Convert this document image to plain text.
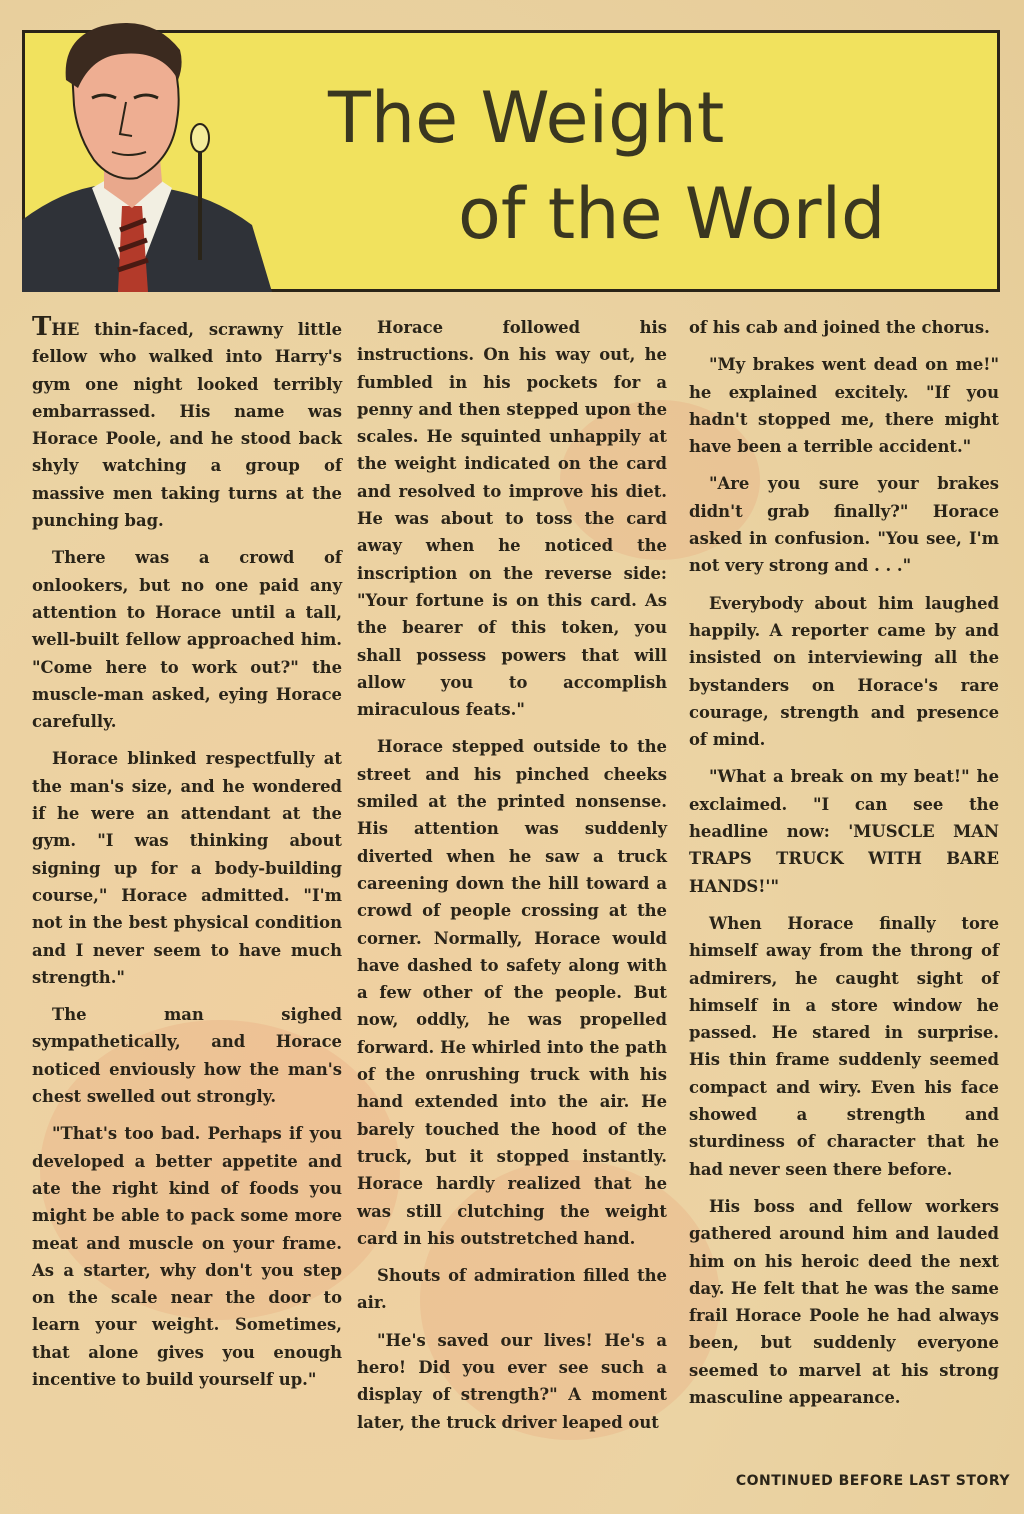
The Weight
of the World

THE thin-faced, scrawny little fellow who walked into Harry's gym one night looked terribly embarrassed. His name was Horace Poole, and he stood back shyly watching a group of massive men taking turns at the punching bag.

There was a crowd of onlookers, but no one paid any attention to Horace until a tall, well-built fellow approached him. "Come here to work out?" the muscle-man asked, eying Horace carefully.

Horace blinked respectfully at the man's size, and he wondered if he were an attendant at the gym. "I was thinking about signing up for a body-building course," Horace admitted. "I'm not in the best physical condition and I never seem to have much strength."

The man sighed sympathetically, and Horace noticed enviously how the man's chest swelled out strongly.

"That's too bad. Perhaps if you developed a better appetite and ate the right kind of foods you might be able to pack some more meat and muscle on your frame. As a starter, why don't you step on the scale near the door to learn your weight. Sometimes, that alone gives you enough incentive to build yourself up."

Horace followed his instructions. On his way out, he fumbled in his pockets for a penny and then stepped upon the scales. He squinted unhappily at the weight indicated on the card and resolved to improve his diet. He was about to toss the card away when he noticed the inscription on the reverse side: "Your fortune is on this card. As the bearer of this token, you shall possess powers that will allow you to accomplish miraculous feats."

Horace stepped outside to the street and his pinched cheeks smiled at the printed nonsense. His attention was suddenly diverted when he saw a truck careening down the hill toward a crowd of people crossing at the corner. Normally, Horace would have dashed to safety along with a few other of the people. But now, oddly, he was propelled forward. He whirled into the path of the onrushing truck with his hand extended into the air. He barely touched the hood of the truck, but it stopped instantly. Horace hardly realized that he was still clutching the weight card in his outstretched hand.

Shouts of admiration filled the air.

"He's saved our lives! He's a hero! Did you ever see such a display of strength?" A moment later, the truck driver leaped out

of his cab and joined the chorus.

"My brakes went dead on me!" he explained excitely. "If you hadn't stopped me, there might have been a terrible accident."

"Are you sure your brakes didn't grab finally?" Horace asked in confusion. "You see, I'm not very strong and . . ."

Everybody about him laughed happily. A reporter came by and insisted on interviewing all the bystanders on Horace's rare courage, strength and presence of mind.

"What a break on my beat!" he exclaimed. "I can see the headline now: 'MUSCLE MAN TRAPS TRUCK WITH BARE HANDS!'"

When Horace finally tore himself away from the throng of admirers, he caught sight of himself in a store window he passed. He stared in surprise. His thin frame suddenly seemed compact and wiry. Even his face showed a strength and sturdiness of character that he had never seen there before.

His boss and fellow workers gathered around him and lauded him on his heroic deed the next day. He felt that he was the same frail Horace Poole he had always been, but suddenly everyone seemed to marvel at his strong masculine appearance.

CONTINUED BEFORE LAST STORY
